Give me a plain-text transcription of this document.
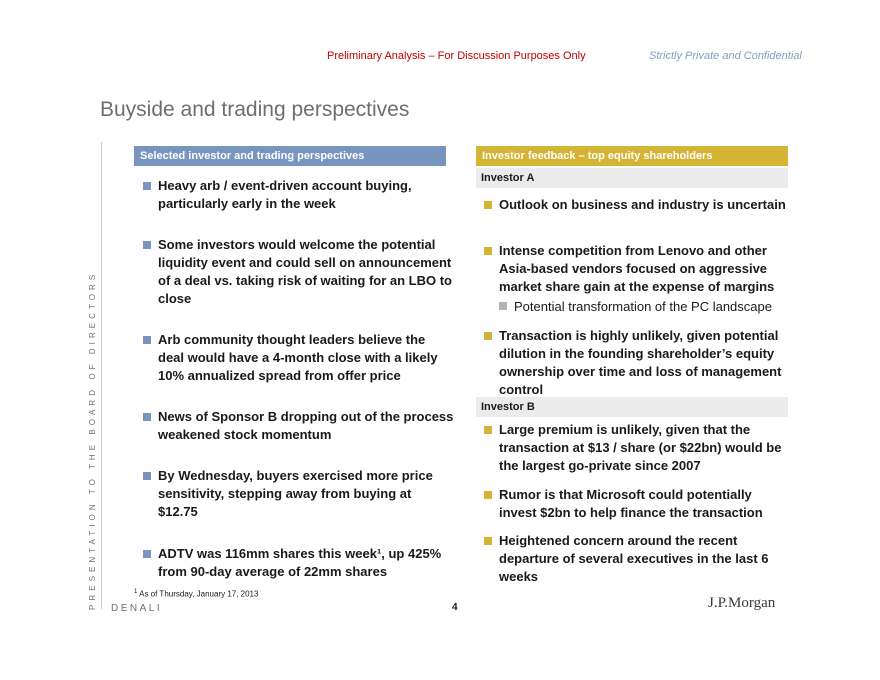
Preliminary Analysis – For Discussion Purposes Only	Strictly Private and Confidential
Buyside and trading perspectives
PRESENTATION TO THE BOARD OF DIRECTORS
Selected investor and trading perspectives
Heavy arb / event-driven account buying, particularly early in the week
Some investors would welcome the potential liquidity event and could sell on announcement of a deal vs. taking risk of waiting for an LBO to close
Arb community thought leaders believe the deal would have a 4-month close with a likely 10% annualized spread from offer price
News of Sponsor B dropping out of the process weakened stock momentum
By Wednesday, buyers exercised more price sensitivity, stepping away from buying at $12.75
ADTV was 116mm shares this week¹, up 425% from 90-day average of 22mm shares
Investor feedback – top equity shareholders
Investor A
Outlook on business and industry is uncertain
Intense competition from Lenovo and other Asia-based vendors focused on aggressive market share gain at the expense of margins
Potential transformation of the PC landscape
Transaction is highly unlikely, given potential dilution in the founding shareholder’s equity ownership over time and loss of management control
Investor B
Large premium is unlikely, given that the transaction at $13 / share (or $22bn) would be the largest go-private since 2007
Rumor is that Microsoft could potentially invest $2bn to help finance the transaction
Heightened concern around the recent departure of several executives in the last 6 weeks
$^1$ As of Thursday, January 17, 2013
DENALI	4	J.P.Morgan
